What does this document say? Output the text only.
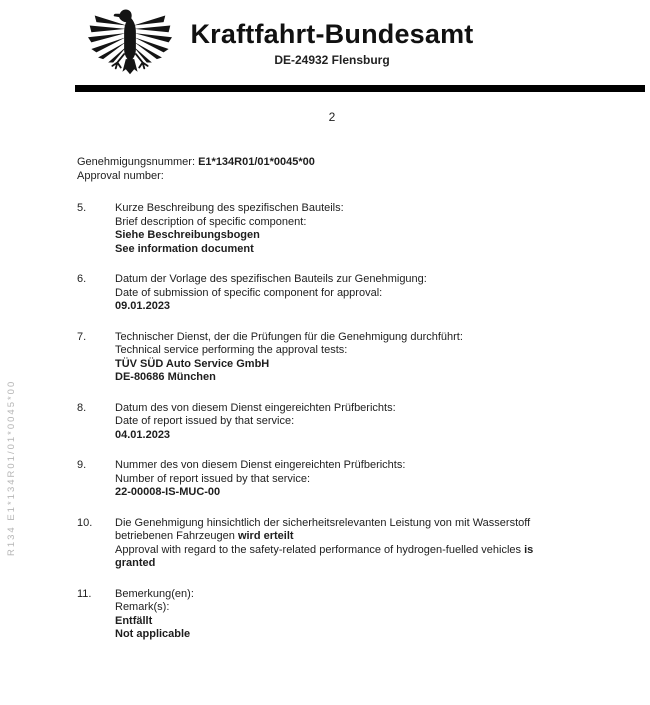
R134 E1*134R01/01*0045*00
Kraftfahrt-Bundesamt
DE-24932 Flensburg
2
Genehmigungsnummer: E1*134R01/01*0045*00
Approval number:
5.	Kurze Beschreibung des spezifischen Bauteils:
Brief description of specific component:
Siehe Beschreibungsbogen
See information document
6.	Datum der Vorlage des spezifischen Bauteils zur Genehmigung:
Date of submission of specific component for approval:
09.01.2023
7.	Technischer Dienst, der die Prüfungen für die Genehmigung durchführt:
Technical service performing the approval tests:
TÜV SÜD Auto Service GmbH
DE-80686 München
8.	Datum des von diesem Dienst eingereichten Prüfberichts:
Date of report issued by that service:
04.01.2023
9.	Nummer des von diesem Dienst eingereichten Prüfberichts:
Number of report issued by that service:
22-00008-IS-MUC-00
10.	Die Genehmigung hinsichtlich der sicherheitsrelevanten Leistung von mit Wasserstoff
betriebenen Fahrzeugen wird erteilt
Approval with regard to the safety-related performance of hydrogen-fuelled vehicles is
granted
11.	Bemerkung(en):
Remark(s):
Entfällt
Not applicable
